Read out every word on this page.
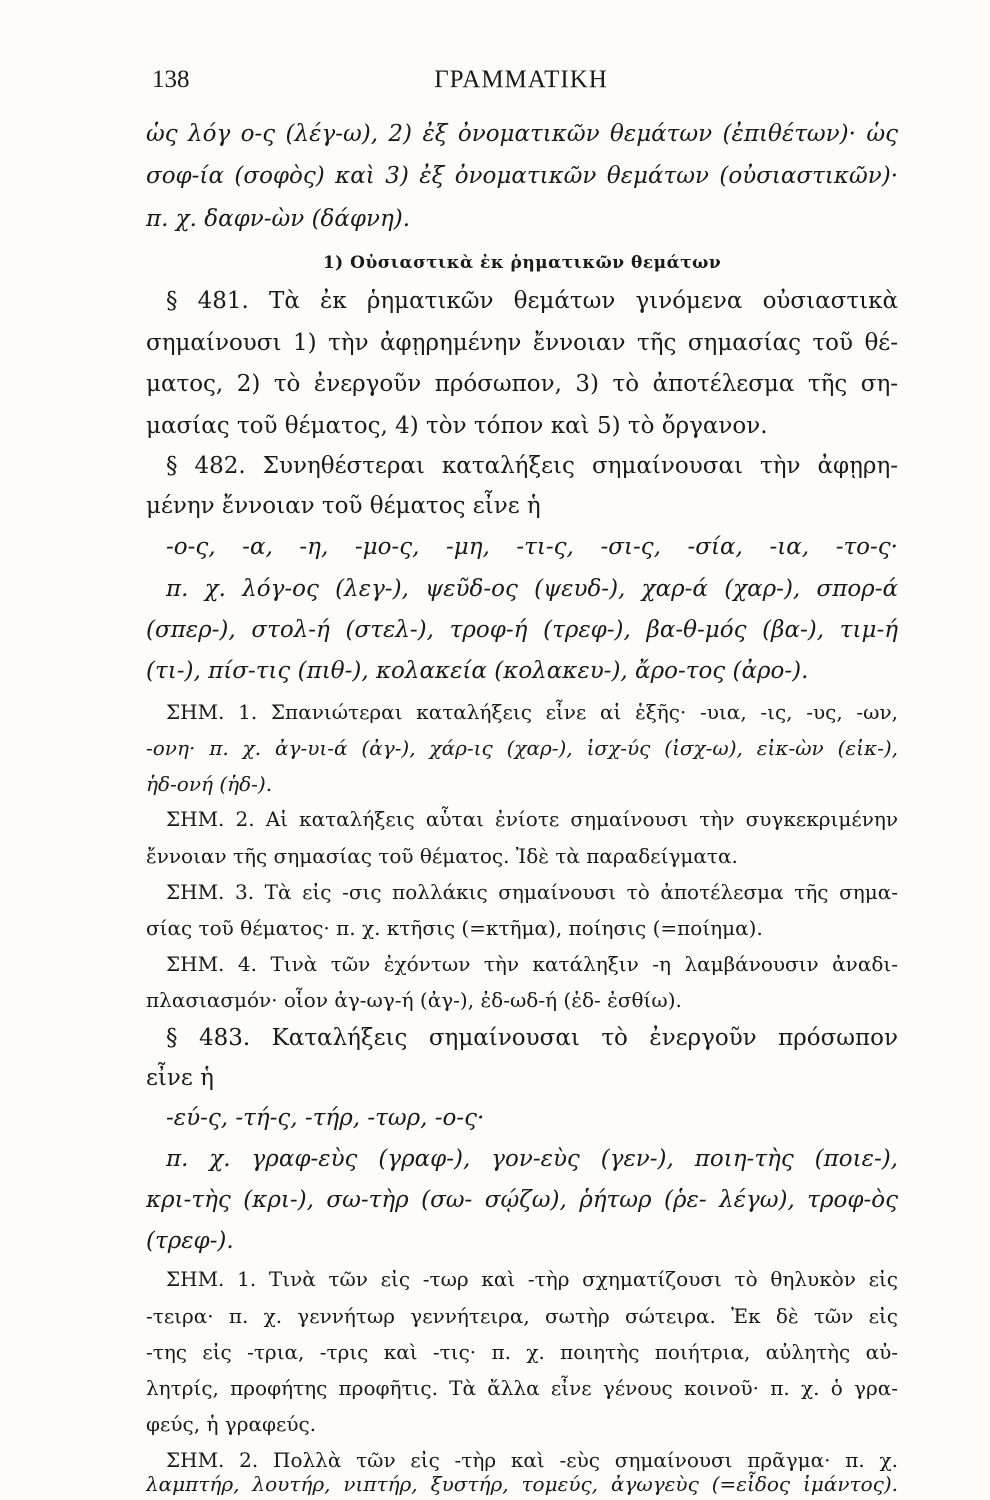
138	ΓΡΑΜΜΑΤΙΚΗ
ὡς λόγ ο-ς (λέγ-ω), 2) ἐξ ὀνοματικῶν θεμάτων (ἐπιθέτων)· ὡς
σοφ-ία (σοφὸς) καὶ 3) ἐξ ὀνοματικῶν θεμάτων (οὐσιαστικῶν)·
π. χ. δαφν-ὼν (δάφνη).
1) Οὐσιαστικὰ ἐκ ῥηματικῶν θεμάτων
§ 481. Τὰ ἐκ ῥηματικῶν θεμάτων γινόμενα οὐσιαστικὰ
σημαίνουσι 1) τὴν ἀφῃρημένην ἔννοιαν τῆς σημασίας τοῦ θέ-
ματος, 2) τὸ ἐνεργοῦν πρόσωπον, 3) τὸ ἀποτέλεσμα τῆς ση-
μασίας τοῦ θέματος, 4) τὸν τόπον καὶ 5) τὸ ὄργανον.
§ 482. Συνηθέστεραι καταλήξεις σημαίνουσαι τὴν ἀφῃρη-
μένην ἔννοιαν τοῦ θέματος εἶνε ἡ
-ο-ς, -α, -η, -μο-ς, -μη, -τι-ς, -σι-ς, -σία, -ια, -το-ς·
π. χ. λόγ-ος (λεγ-), ψεῦδ-ος (ψευδ-), χαρ-ά (χαρ-), σπορ-ά
(σπερ-), στολ-ή (στελ-), τροφ-ή (τρεφ-), βα-θ-μός (βα-), τιμ-ή
(τι-), πίσ-τις (πιθ-), κολακεία (κολακευ-), ἄρο-τος (ἀρο-).
ΣΗΜ. 1. Σπανιώτεραι καταλήξεις εἶνε αἱ ἑξῆς· -υια, -ις, -υς, -ων,
-ονη· π. χ. ἀγ-υι-ά (ἀγ-), χάρ-ις (χαρ-), ἰσχ-ύς (ἰσχ-ω), εἰκ-ὼν (εἰκ-),
ἡδ-ονή (ἡδ-).
ΣΗΜ. 2. Αἱ καταλήξεις αὗται ἐνίοτε σημαίνουσι τὴν συγκεκριμένην
ἔννοιαν τῆς σημασίας τοῦ θέματος. Ἰδὲ τὰ παραδείγματα.
ΣΗΜ. 3. Τὰ εἰς -σις πολλάκις σημαίνουσι τὸ ἀποτέλεσμα τῆς σημα-
σίας τοῦ θέματος· π. χ. κτῆσις (=κτῆμα), ποίησις (=ποίημα).
ΣΗΜ. 4. Τινὰ τῶν ἐχόντων τὴν κατάληξιν -η λαμβάνουσιν ἀναδι-
πλασιασμόν· οἷον ἀγ-ωγ-ή (ἀγ-), ἐδ-ωδ-ή (ἐδ- ἐσθίω).
§ 483. Καταλήξεις σημαίνουσαι τὸ ἐνεργοῦν πρόσωπον
εἶνε ἡ
-εύ-ς, -τή-ς, -τήρ, -τωρ, -ο-ς·
π. χ. γραφ-εὺς (γραφ-), γον-εὺς (γεν-), ποιη-τὴς (ποιε-),
κρι-τὴς (κρι-), σω-τὴρ (σω- σῴζω), ῥήτωρ (ῥε- λέγω), τροφ-ὸς
(τρεφ-).
ΣΗΜ. 1. Τινὰ τῶν εἰς -τωρ καὶ -τὴρ σχηματίζουσι τὸ θηλυκὸν εἰς
-τειρα· π. χ. γεννήτωρ γεννήτειρα, σωτὴρ σώτειρα. Ἐκ δὲ τῶν εἰς
-της εἰς -τρια, -τρις καὶ -τις· π. χ. ποιητὴς ποιήτρια, αὐλητὴς αὐ-
λητρίς, προφήτης προφῆτις. Τὰ ἄλλα εἶνε γένους κοινοῦ· π. χ. ὁ γρα-
φεύς, ἡ γραφεύς.
ΣΗΜ. 2. Πολλὰ τῶν εἰς -τὴρ καὶ -εὺς σημαίνουσι πρᾶγμα· π. χ.
λαμπτήρ, λουτήρ, νιπτήρ, ξυστήρ, τομεύς, ἀγωγεὺς (=εἶδος ἱμάντος).
